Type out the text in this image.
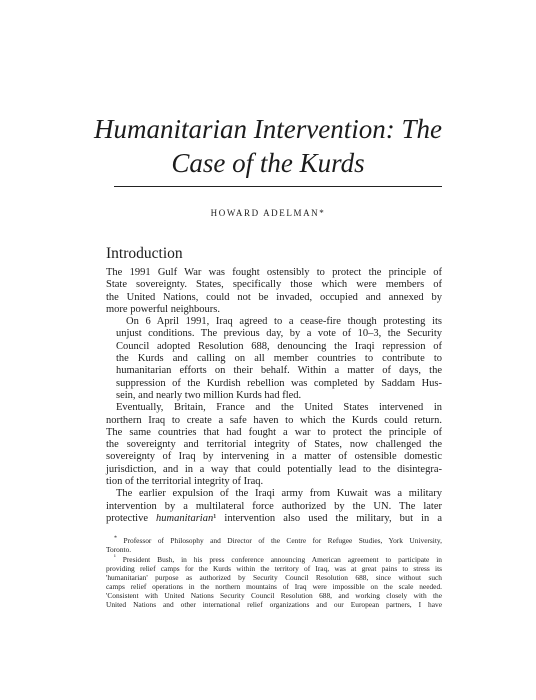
Humanitarian Intervention: The
Case of the Kurds
HOWARD ADELMAN*
Introduction

The 1991 Gulf War was fought ostensibly to protect the principle of
State sovereignty. States, specifically those which were members of
the United Nations, could not be invaded, occupied and annexed by
more powerful neighbours.

On 6 April 1991, Iraq agreed to a cease-fire though protesting its
unjust conditions. The previous day, by a vote of 10–3, the Security
Council adopted Resolution 688, denouncing the Iraqi repression of
the Kurds and calling on all member countries to contribute to
humanitarian efforts on their behalf. Within a matter of days, the
suppression of the Kurdish rebellion was completed by Saddam Hus-
sein, and nearly two million Kurds had fled.

Eventually, Britain, France and the United States intervened in
northern Iraq to create a safe haven to which the Kurds could return.
The same countries that had fought a war to protect the principle of
the sovereignty and territorial integrity of States, now challenged the
sovereignty of Iraq by intervening in a matter of ostensible domestic
jurisdiction, and in a way that could potentially lead to the disintegra-
tion of the territorial integrity of Iraq.

The earlier expulsion of the Iraqi army from Kuwait was a military
intervention by a multilateral force authorized by the UN. The later
protective humanitarian¹ intervention also used the military, but in a

* Professor of Philosophy and Director of the Centre for Refugee Studies, York University,
Toronto.

$^{^1}$ President Bush, in his press conference announcing American agreement to participate in
providing relief camps for the Kurds within the territory of Iraq, was at great pains to stress its
'humanitarian' purpose as authorized by Security Council Resolution 688, since without such
camps relief operations in the northern mountains of Iraq were impossible on the scale needed.
'Consistent with United Nations Security Council Resolution 688, and working closely with the
United Nations and other international relief organizations and our European partners, I have
